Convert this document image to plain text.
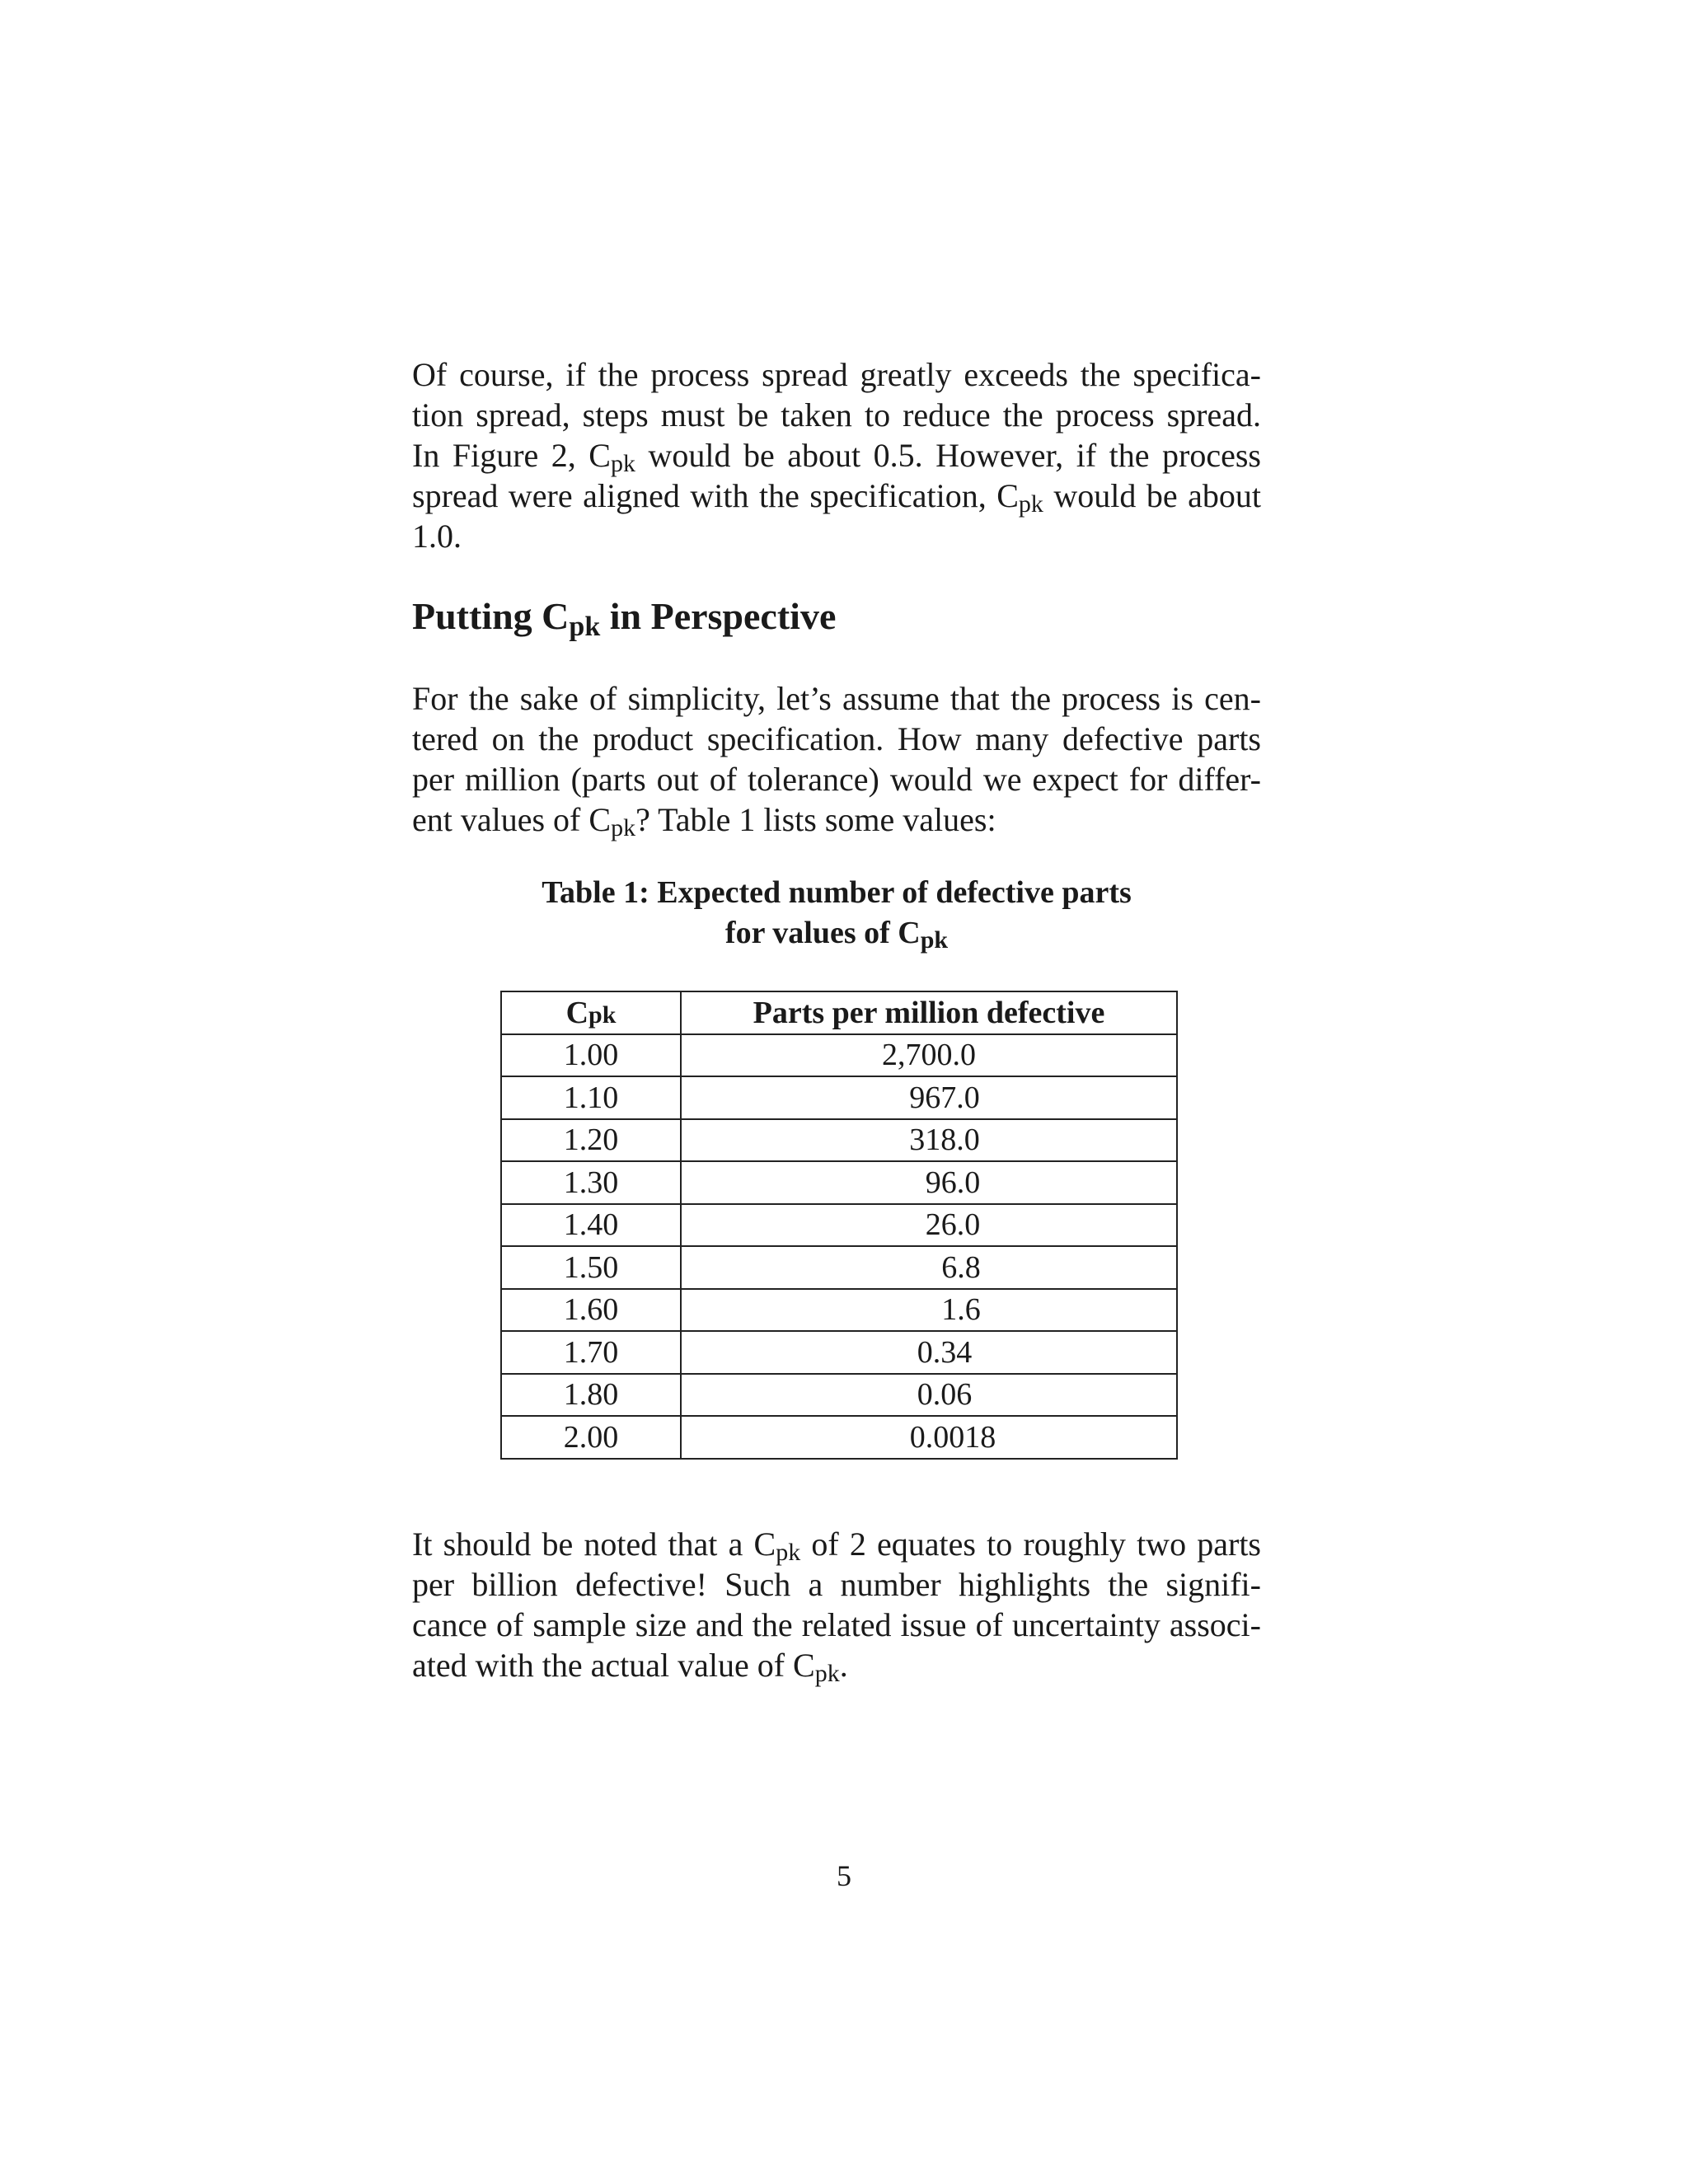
Of course, if the process spread greatly exceeds the specifica-
tion spread, steps must be taken to reduce the process spread.
In Figure 2, $C_{pk}$ would be about 0.5. However, if the process
spread were aligned with the specification, $C_{pk}$ would be about
1.0.

Putting $C_{pk}$ in Perspective

For the sake of simplicity, let’s assume that the process is cen-
tered on the product specification. How many defective parts
per million (parts out of tolerance) would we expect for differ-
ent values of $C_{pk}$? Table 1 lists some values:

Table 1: Expected number of defective parts
for values of $C_{pk}$
Cpk	Parts per million defective
1.00	2,700.0
1.10	967.0
1.20	318.0
1.30	96.0
1.40	26.0
1.50	6.8
1.60	1.6
1.70	0.34
1.80	0.06
2.00	0.0018

It should be noted that a $C_{pk}$ of 2 equates to roughly two parts
per billion defective! Such a number highlights the signifi-
cance of sample size and the related issue of uncertainty associ-
ated with the actual value of $C_{pk}$.

5
